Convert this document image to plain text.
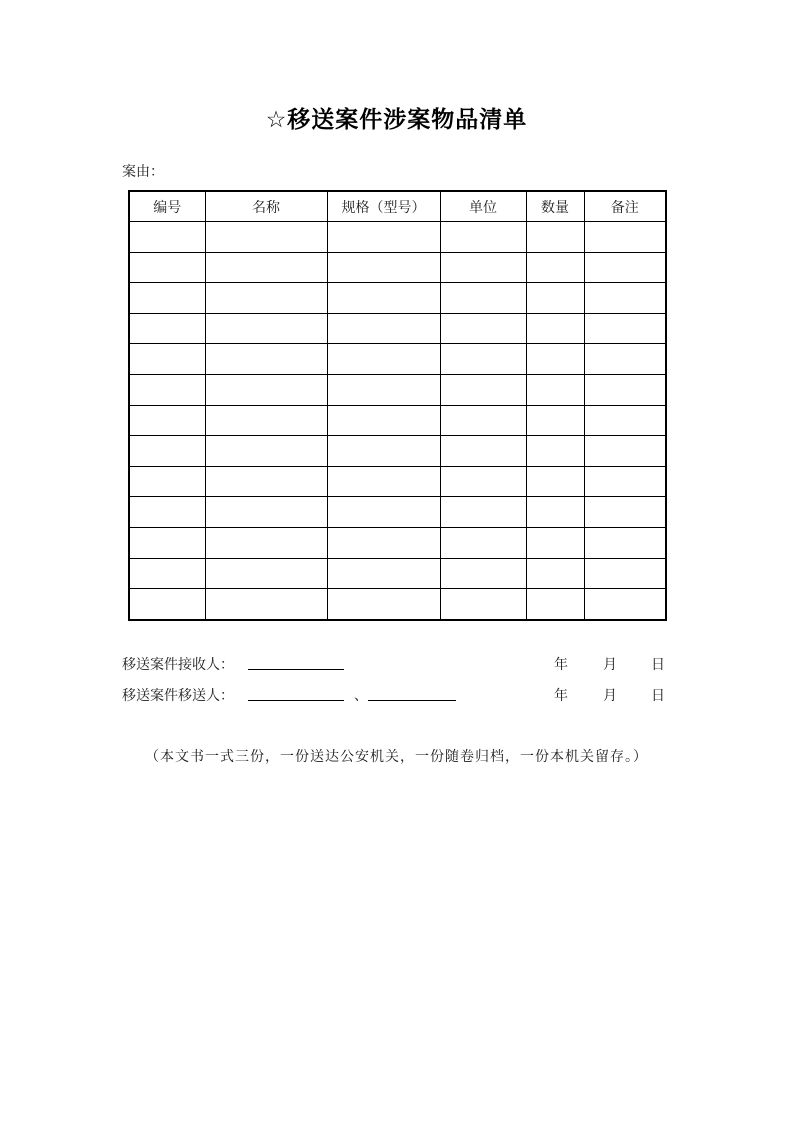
☆移送案件涉案物品清单
案由：
编号	名称	规格（型号）	单位	数量	备注

移送案件接收人：	年	月 日
移送案件移送人：	、	年	月 日
（本文书一式三份，一份送达公安机关，一份随卷归档，一份本机关留存。）
